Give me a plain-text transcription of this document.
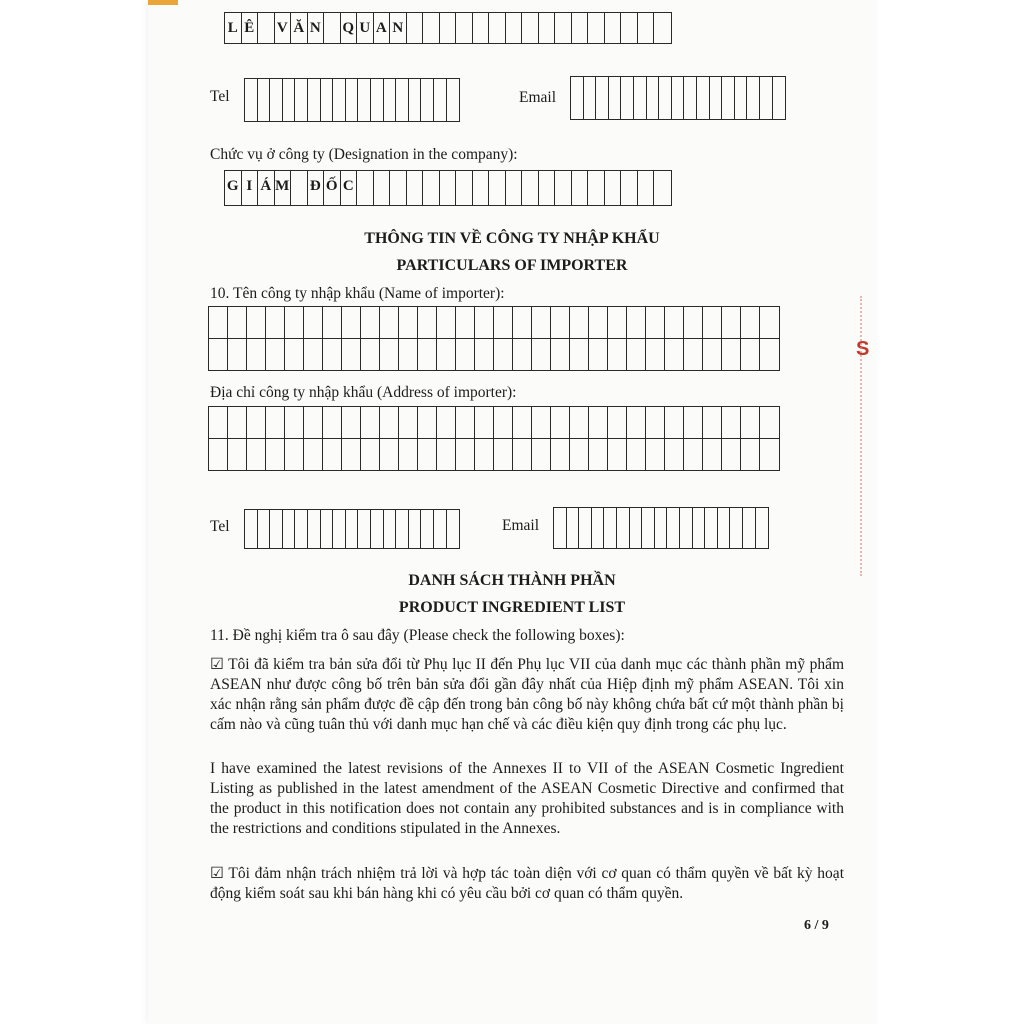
L Ê V Ă N Q U A N
Tel	Email
Chức vụ ở công ty (Designation in the company):
G I Á M Đ Ố C
THÔNG TIN VỀ CÔNG TY NHẬP KHẨU
PARTICULARS OF IMPORTER
10. Tên công ty nhập khẩu (Name of importer):
Địa chỉ công ty nhập khẩu (Address of importer):
Tel	Email
DANH SÁCH THÀNH PHẦN
PRODUCT INGREDIENT LIST
11. Đề nghị kiểm tra ô sau đây (Please check the following boxes):
☑ Tôi đã kiểm tra bản sửa đổi từ Phụ lục II đến Phụ lục VII của danh mục các thành phần mỹ phẩm ASEAN như được công bố trên bản sửa đổi gần đây nhất của Hiệp định mỹ phẩm ASEAN. Tôi xin xác nhận rằng sản phẩm được đề cập đến trong bản công bố này không chứa bất cứ một thành phần bị cấm nào và cũng tuân thủ với danh mục hạn chế và các điều kiện quy định trong các phụ lục.
I have examined the latest revisions of the Annexes II to VII of the ASEAN Cosmetic Ingredient Listing as published in the latest amendment of the ASEAN Cosmetic Directive and confirmed that the product in this notification does not contain any prohibited substances and is in compliance with the restrictions and conditions stipulated in the Annexes.
☑ Tôi đảm nhận trách nhiệm trả lời và hợp tác toàn diện với cơ quan có thẩm quyền về bất kỳ hoạt động kiểm soát sau khi bán hàng khi có yêu cầu bởi cơ quan có thẩm quyền.
6 / 9
S
